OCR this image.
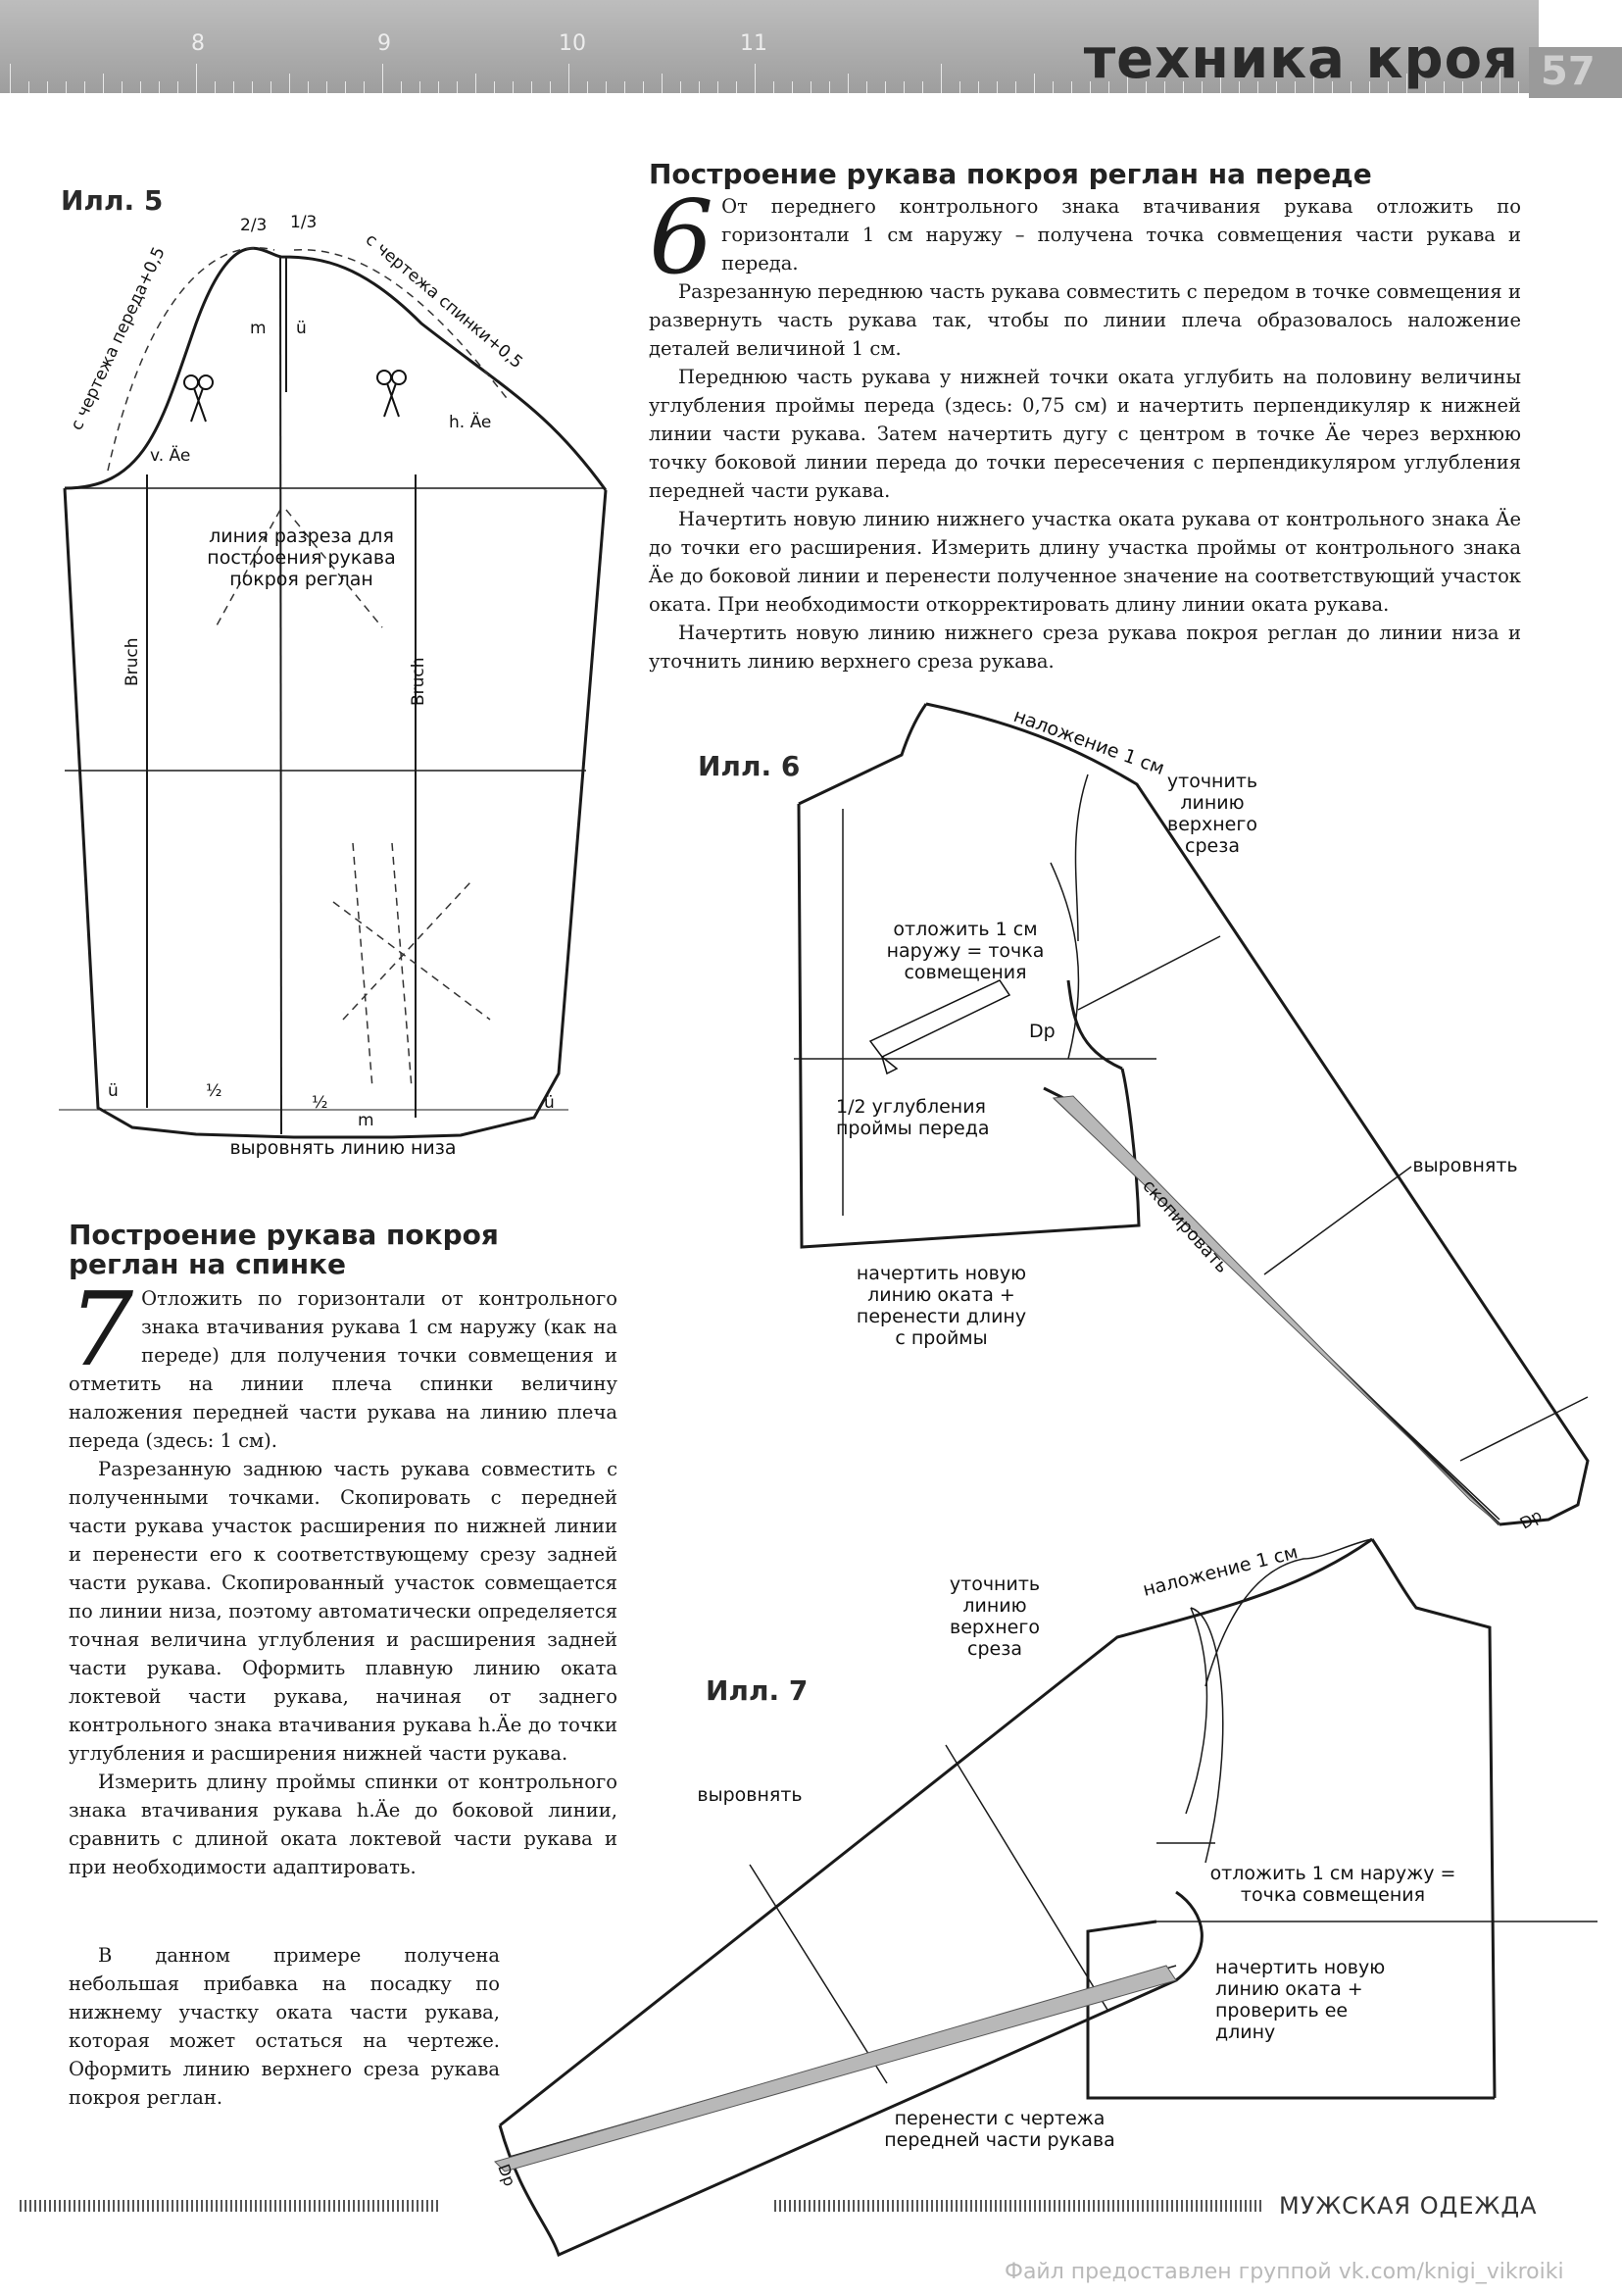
8	9	10	11	техника кроя 57
Илл. 5
2/3 1/3
m ü
v. Äe
h. Äe
Bruch	Bruch
ü	½
½
m
ü
с чертежа переда+0,5	с чертежа спинки+0,5
линия разреза для построения рукава покроя реглан
выровнять линию низа
Построение рукава покроя реглан на спинке
7 Отложить по горизонтали от контрольного знака втачивания рукава 1 см наружу (как на переде) для получения точки совмещения и отметить на линии плеча спинки величину наложения передней части рукава на линию плеча переда (здесь: 1 см).

Разрезанную заднюю часть рукава совместить с полученными точками. Скопировать с передней части рукава участок расширения по нижней линии и перенести его к соответствующему срезу задней части рукава. Скопированный участок совмещается по линии низа, поэтому автоматически определяется точная величина углубления и расширения задней части рукава. Оформить плавную линию оката локтевой части рукава, начиная от заднего контрольного знака втачивания рукава h.Äe до точки углубления и расширения нижней части рукава.

Измерить длину проймы спинки от контрольного знака втачивания рукава h.Äe до боковой линии, сравнить с длиной оката локтевой части рукава и при необходимости адаптировать.

В данном примере получена небольшая прибавка на посадку по нижнему участку оката части рукава, которая может остаться на чертеже. Оформить линию верхнего среза рукава покроя реглан.

Построение рукава покроя реглан на переде
6 От переднего контрольного знака втачивания рукава отложить по горизонтали 1 см наружу – получена точка совмещения части рукава и переда.

Разрезанную переднюю часть рукава совместить с передом в точке совмещения и развернуть часть рукава так, чтобы по линии плеча образовалось наложение деталей величиной 1 см.

Переднюю часть рукава у нижней точки оката углубить на половину величины углубления проймы переда (здесь: 0,75 см) и начертить перпендикуляр к нижней линии части рукава. Затем начертить дугу с центром в точке Äe через верхнюю точку боковой линии переда до точки пересечения с перпендикуляром углубления передней части рукава.

Начертить новую линию нижнего участка оката рукава от контрольного знака Äe до точки его расширения. Измерить длину участка проймы от контрольного знака Äe до боковой линии и перенести полученное значение на соответствующий участок оката. При необходимости откорректировать длину линии оката рукава.

Начертить новую линию нижнего среза рукава покроя реглан до линии низа и уточнить линию верхнего среза рукава.

Илл. 6
Dp
Dp
наложение 1 см
скопировать
уточнить линию верхнего среза
отложить 1 см наружу = точка совмещения
1/2 углубления проймы переда
выровнять
начертить новую линию оката + перенести длину с проймы
Илл. 7
наложение 1 см
Dp
уточнить линию верхнего среза
выровнять
отложить 1 см наружу = точка совмещения
начертить новую линию оката + проверить ее длину
перенести с чертежа передней части рукава
МУЖСКАЯ ОДЕЖДА
Файл предоставлен группой vk.com/knigi_vikroiki
